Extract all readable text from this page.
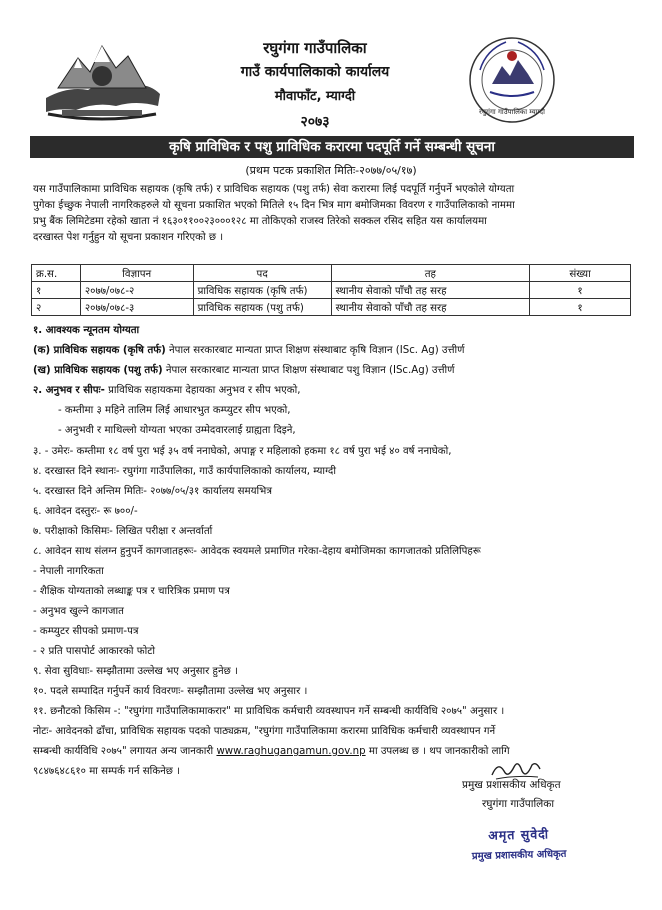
रघुगंगा गाउँपालिका
गाउँ कार्यपालिकाको कार्यालय
मौवाफाँट, म्याग्दी
२०७३
रघुगंगा गाउँपालिका म्याग्दी
कृषि प्राविधिक र पशु प्राविधिक करारमा पदपूर्ति गर्ने सम्बन्धी सूचना
(प्रथम पटक प्रकाशित मितिः-२०७७/०५/१७)
यस गाउँपालिकामा प्राविधिक सहायक (कृषि तर्फ) र प्राविधिक सहायक (पशु तर्फ) सेवा करारमा लिई पदपूर्ति गर्नुपर्ने भएकोले योग्यता
पुगेका ईच्छुक नेपाली नागरिकहरुले यो सूचना प्रकाशित भएको मितिले १५ दिन भित्र माग बमोजिमका विवरण र गाउँपालिकाको नाममा
प्रभु बैंक लिमिटेडमा रहेको खाता नं १६३०११००२३०००१२८ मा तोकिएको राजस्व तिरेको सक्कल रसिद सहित यस कार्यालयमा
दरखास्त पेश गर्नुहुन यो सूचना प्रकाशन गरिएको छ ।
क्र.स.	विज्ञापन	पद	तह	संख्या
१	२०७७/०७८-२	प्राविधिक सहायक (कृषि तर्फ)	स्थानीय सेवाको पाँचौ तह सरह	१
२	२०७७/०७८-३	प्राविधिक सहायक (पशु तर्फ)	स्थानीय सेवाको पाँचौ तह सरह	१
१. आवश्यक न्यूनतम योग्यता
(क) प्राविधिक सहायक (कृषि तर्फ) नेपाल सरकारबाट मान्यता प्राप्त शिक्षण संस्थाबाट कृषि विज्ञान (ISc. Ag) उत्तीर्ण
(ख) प्राविधिक सहायक (पशु तर्फ) नेपाल सरकारबाट मान्यता प्राप्त शिक्षण संस्थाबाट पशु विज्ञान (ISc.Ag) उत्तीर्ण
२. अनुभव र सीपः- प्राविधिक सहायकमा देहायका अनुभव र सीप भएको,
- कम्तीमा ३ महिने तालिम लिई आधारभुत कम्प्युटर सीप भएको,
- अनुभवी र माथिल्लो योग्यता भएका उम्मेदवारलाई ग्राह्यता दिइने,
३. - उमेरः- कम्तीमा १८ वर्ष पुरा भई ३५ वर्ष ननाघेको, अपाङ्ग र महिलाको हकमा १८ वर्ष पुरा भई ४० वर्ष ननाघेको,
४. दरखास्त दिने स्थानः- रघुगंगा गाउँपालिका, गाउँ कार्यपालिकाको कार्यालय, म्याग्दी
५. दरखास्त दिने अन्तिम मितिः- २०७७/०५/३१ कार्यालय समयभित्र
६. आवेदन दस्तुरः- रू ७००/-
७. परीक्षाको किसिमः- लिखित परीक्षा र अन्तर्वार्ता
८. आवेदन साथ संलग्न हुनुपर्ने कागजातहरूः- आवेदक स्वयमले प्रमाणित गरेका-देहाय बमोजिमका कागजातको प्रतिलिपिहरू
- नेपाली नागरिकता
- शैक्षिक योग्यताको लब्धाङ्क पत्र र चारित्रिक प्रमाण पत्र
- अनुभव खुल्ने कागजात
- कम्प्युटर सीपको प्रमाण-पत्र
- २ प्रति पासपोर्ट आकारको फोटो
९. सेवा सुविधाः- सम्झौतामा उल्लेख भए अनुसार हुनेछ ।
१०. पदले सम्पादित गर्नुपर्ने कार्य विवरणः- सम्झौतामा उल्लेख भए अनुसार ।
११. छनौटको किसिम -: "रघुगंगा गाउँपालिकामाकरार" मा प्राविधिक कर्मचारी व्यवस्थापन गर्ने सम्बन्धी कार्यविधि २०७५" अनुसार ।
नोटः- आवेदनको ढाँचा, प्राविधिक सहायक पदको पाठ्यक्रम, "रघुगंगा गाउँपालिकामा करारमा प्राविधिक कर्मचारी व्यवस्थापन गर्ने
सम्बन्धी कार्यविधि २०७५" लगायत अन्य जानकारी www.raghugangamun.gov.np मा उपलब्ध छ । थप जानकारीको लागि
९८४७६४८६१० मा सम्पर्क गर्न सकिनेछ ।
प्रमुख प्रशासकीय अधिकृत
रघुगंगा गाउँपालिका
अमृत सुवेदी
प्रमुख प्रशासकीय अधिकृत
